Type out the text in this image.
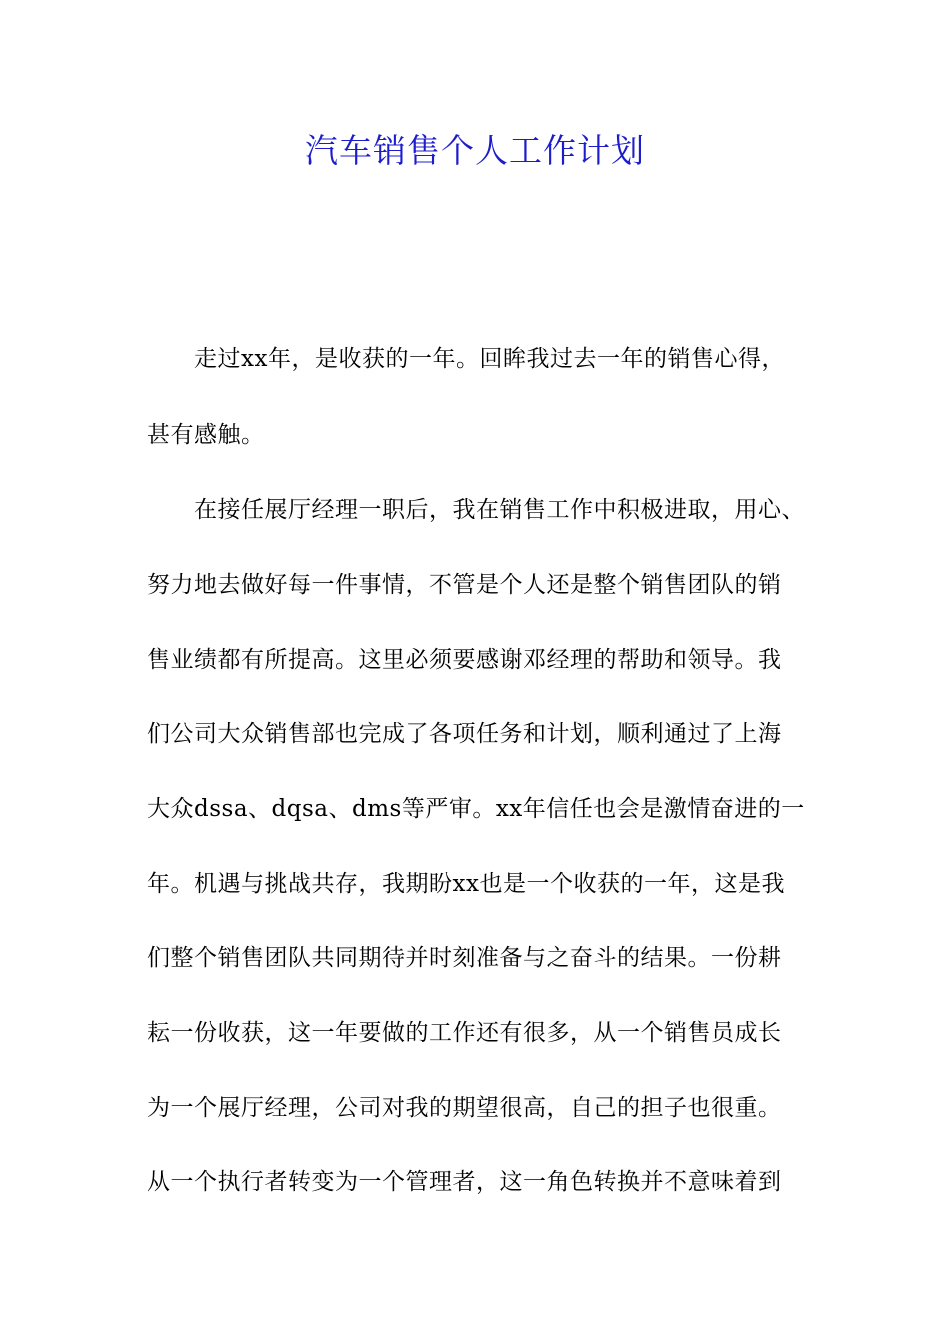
汽车销售个人工作计划
走过xx年，是收获的一年。回眸我过去一年的销售心得，
甚有感触。
在接任展厅经理一职后，我在销售工作中积极进取，用心、
努力地去做好每一件事情，不管是个人还是整个销售团队的销
售业绩都有所提高。这里必须要感谢邓经理的帮助和领导。我
们公司大众销售部也完成了各项任务和计划，顺利通过了上海
大众dssa、dqsa、dms等严审。xx年信任也会是激情奋进的一
年。机遇与挑战共存，我期盼xx也是一个收获的一年，这是我
们整个销售团队共同期待并时刻准备与之奋斗的结果。一份耕
耘一份收获，这一年要做的工作还有很多，从一个销售员成长
为一个展厅经理，公司对我的期望很高，自己的担子也很重。
从一个执行者转变为一个管理者，这一角色转换并不意味着到
